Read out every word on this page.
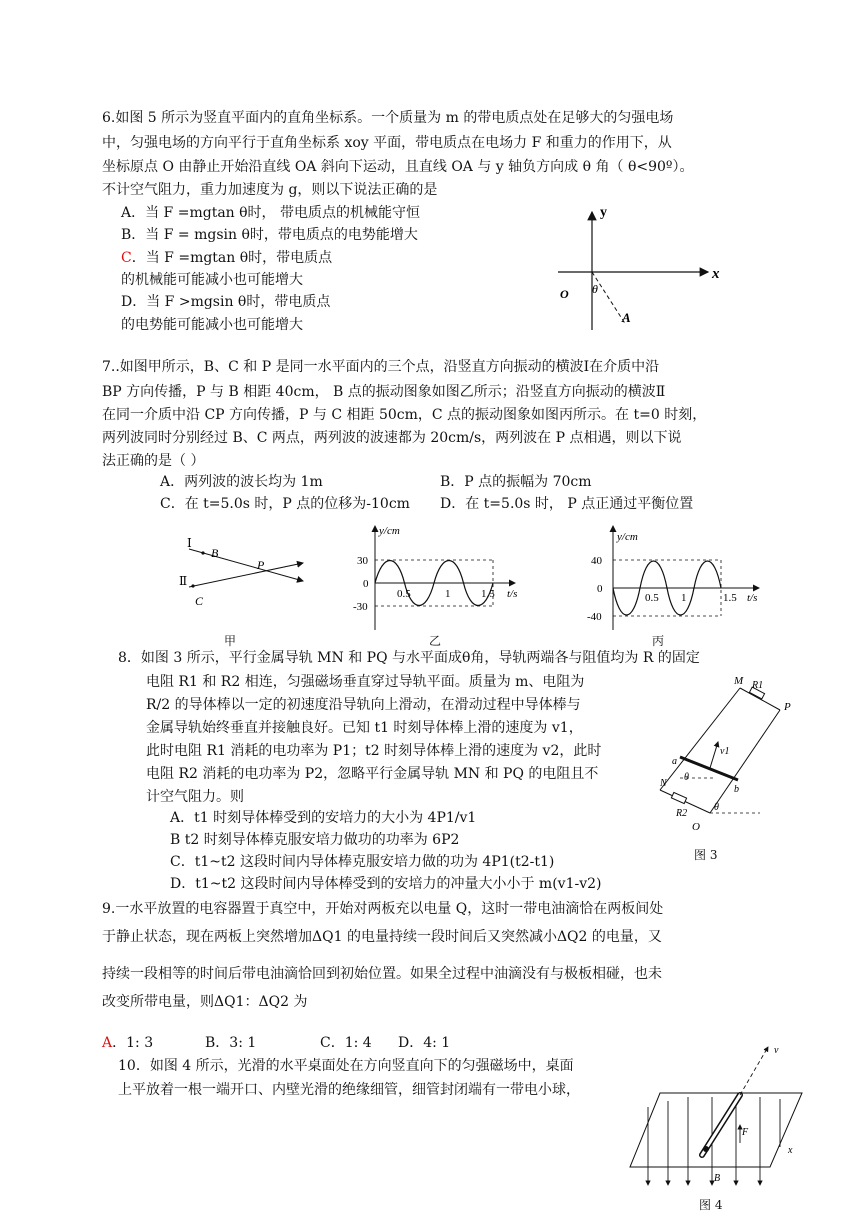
6.如图 5 所示为竖直平面内的直角坐标系。一个质量为 m 的带电质点处在足够大的匀强电场
中，匀强电场的方向平行于直角坐标系 xoy 平面，带电质点在电场力 F 和重力的作用下，从
坐标原点 O 由静止开始沿直线 OA 斜向下运动，且直线 OA 与 y 轴负方向成 θ 角（ θ<90º）。
不计空气阻力，重力加速度为 g，则以下说法正确的是
A．当 F =mgtan θ时， 带电质点的机械能守恒
B．当 F = mgsin θ时，带电质点的电势能增大
C．当 F =mgtan θ时，带电质点
的机械能可能减小也可能增大
D．当 F >mgsin θ时，带电质点
的电势能可能减小也可能增大
y
x
O θ
A
7..如图甲所示，B、C 和 P 是同一水平面内的三个点，沿竖直方向振动的横波Ⅰ在介质中沿
BP 方向传播，P 与 B 相距 40cm， B 点的振动图象如图乙所示；沿竖直方向振动的横波Ⅱ
在同一介质中沿 CP 方向传播，P 与 C 相距 50cm，C 点的振动图象如图丙所示。在 t=0 时刻，
两列波同时分别经过 B、C 两点，两列波的波速都为 20cm/s，两列波在 P 点相遇，则以下说
法正确的是（ ）
A．两列波的波长均为 1m	B．P 点的振幅为 70cm
C．在 t=5.0s 时，P 点的位移为-10cm D．在 t=5.0s 时， P 点正通过平衡位置
Ⅰ
B
P
Ⅱ
C
甲
y/cm
30
0
-30
0.5	1	1.5 t/s
乙
y/cm
40
0
-40
0.5 1	1.5 t/s
丙
8．如图 3 所示，平行金属导轨 MN 和 PQ 与水平面成θ角，导轨两端各与阻值均为 R 的固定
电阻 R1 和 R2 相连，匀强磁场垂直穿过导轨平面。质量为 m、电阻为
R/2 的导体棒以一定的初速度沿导轨向上滑动，在滑动过程中导体棒与
金属导轨始终垂直并接触良好。已知 t1 时刻导体棒上滑的速度为 v1，
此时电阻 R1 消耗的电功率为 P1；t2 时刻导体棒上滑的速度为 v2，此时
电阻 R2 消耗的电功率为 P2，忽略平行金属导轨 MN 和 PQ 的电阻且不
计空气阻力。则
A．t1 时刻导体棒受到的安培力的大小为 4P1/v1
B t2 时刻导体棒克服安培力做功的功率为 6P2
C．t1~t2 这段时间内导体棒克服安培力做的功为 4P1(t2-t1)
D．t1~t2 这段时间内导体棒受到的安培力的冲量大小小于 m(v1-v2)
M R1
P
v1
a
b
N
θ
θ
R2
O
图 3
9.一水平放置的电容器置于真空中，开始对两板充以电量 Q，这时一带电油滴恰在两板间处
于静止状态，现在两板上突然增加ΔQ1 的电量持续一段时间后又突然减小ΔQ2 的电量，又
持续一段相等的时间后带电油滴恰回到初始位置。如果全过程中油滴没有与极板相碰，也未
改变所带电量，则ΔQ1：ΔQ2 为
A．1: 3	B．3: 1	C．1: 4 D．4: 1
10．如图 4 所示，光滑的水平桌面处在方向竖直向下的匀强磁场中，桌面
上平放着一根一端开口、内壁光滑的绝缘细管，细管封闭端有一带电小球，
v
F
B
x
图 4
